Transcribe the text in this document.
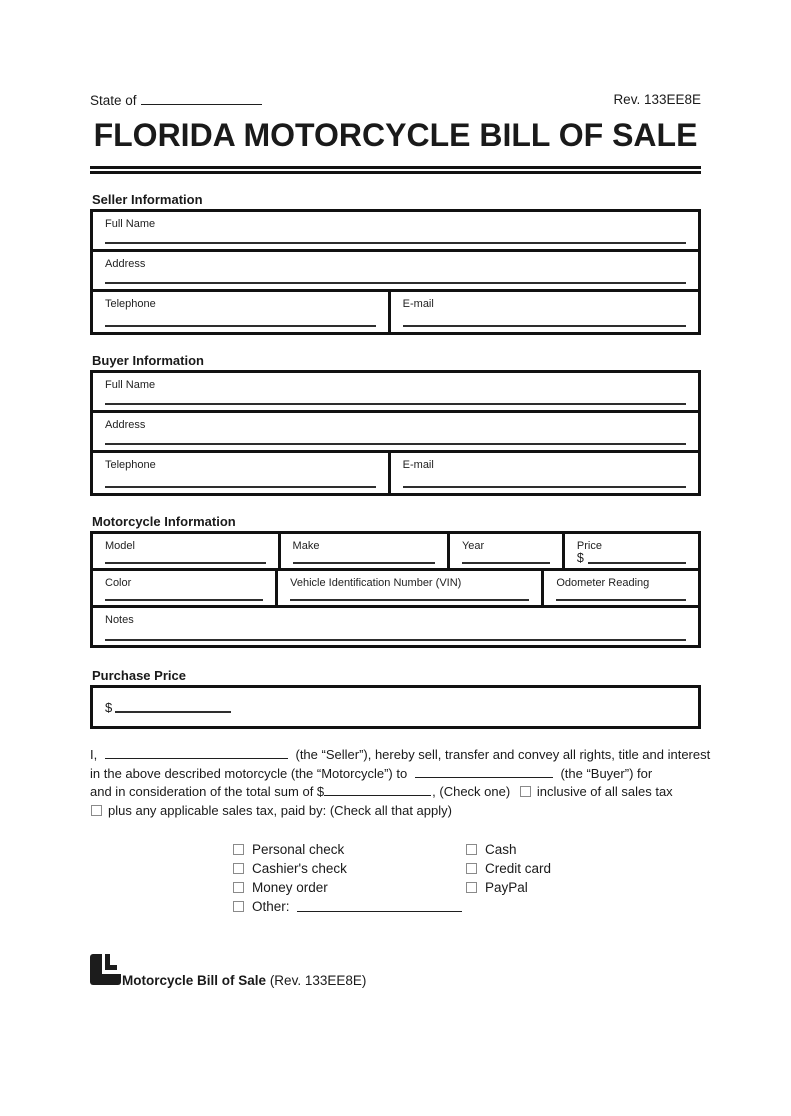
State of	Rev. 133EE8E
FLORIDA MOTORCYCLE BILL OF SALE
Seller Information
Full Name
Address
Telephone	E-mail
Buyer Information
Full Name
Address
Telephone	E-mail
Motorcycle Information
Model	Make	Year	Price
$
Color	Vehicle Identification Number (VIN)	Odometer Reading
Notes
Purchase Price
$
I,	(the “Seller”), hereby sell, transfer and convey all rights, title and interest
in the above described motorcycle (the “Motorcycle”) to	(the “Buyer”) for
and in consideration of the total sum of $	, (Check one) inclusive of all sales tax
plus any applicable sales tax, paid by: (Check all that apply)
Personal check
Cashier's check
Money order
Other:
Cash
Credit card
PayPal
Motorcycle Bill of Sale (Rev. 133EE8E)
